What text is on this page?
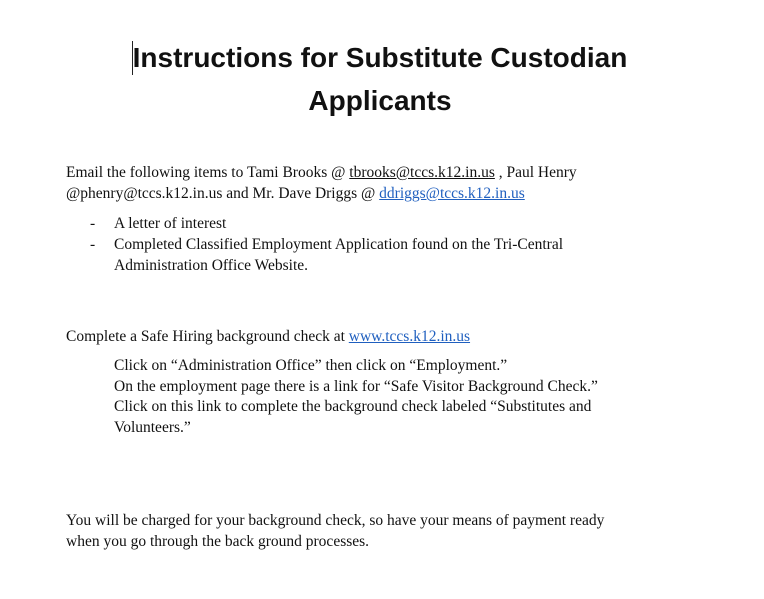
Instructions for Substitute Custodian
Applicants
Email the following items to Tami Brooks @ tbrooks@tccs.k12.in.us , Paul Henry
@phenry@tccs.k12.in.us and Mr. Dave Driggs @ ddriggs@tccs.k12.in.us
- A letter of interest
- Completed Classified Employment Application found on the Tri-Central
Administration Office Website.
Complete a Safe Hiring background check at www.tccs.k12.in.us
Click on “Administration Office” then click on “Employment.”
On the employment page there is a link for “Safe Visitor Background Check.”
Click on this link to complete the background check labeled “Substitutes and
Volunteers.”
You will be charged for your background check, so have your means of payment ready
when you go through the back ground processes.
